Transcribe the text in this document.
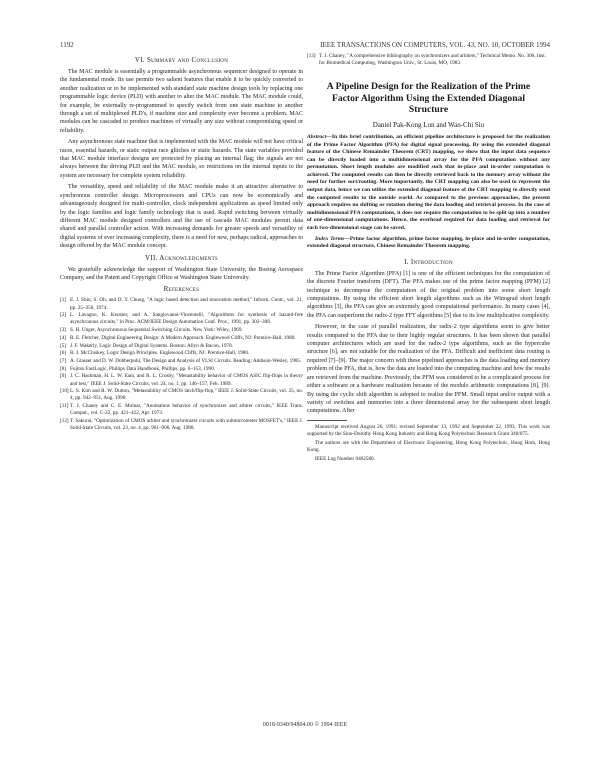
1192	IEEE TRANSACTIONS ON COMPUTERS, VOL. 43, NO. 10, OCTOBER 1994
VI. Summary and Conclusion

The MAC module is essentially a programmable asynchronous sequencer designed to operate in the fundamental mode. Its use permits two salient features that enable it to be quickly converted to another realization or to be implemented with standard state machine design tools by replacing one programmable logic device (PLD) with another to alter the MAC module. The MAC module could, for example, be externally re-programmed to specify switch from one state machine to another through a set of multiplexed PLD's, if machine size and complexity ever become a problem. MAC modules can be cascaded to produce machines of virtually any size without compromising speed or reliability.

Any asynchronous state machine that is implemented with the MAC module will not have critical races, essential hazards, or static output race glitches or static hazards. The state variables provided that MAC module interface designs are protected by placing an internal flag; the signals are not always between the driving PLD and the MAC module, so restrictions on the internal inputs to the system are necessary for complete system reliability.

The versatility, speed and reliability of the MAC module make it an attractive alternative to synchronous controller design. Microprocessors and CPUs can now be economically and advantageously designed for multi-controller, clock independent applications as speed limited only by the logic families and logic family technology that is used. Rapid switching between virtually different MAC module designed controllers and the use of cascade MAC modules permit data shared and parallel controller action. With increasing demands for greater speeds and versatility of digital systems of ever increasing complexity, there is a need for new, perhaps radical, approaches to design offered by the MAC module concept.

VII. Acknowledgments

We gratefully acknowledge the support of Washington State University, the Boeing Aerospace Company, and the Patent and Copyright Office at Washington State University.

References
[1] E. J. Shin, S. Oh, and D. Y. Chung, "A logic based detection and innovation method," Inform. Contr., vol. 21, pp. 25–350, 1974.
[2] L. Lavagno, K. Keutzer, and A. Sangiovanni-Vincentelli, "Algorithms for synthesis of hazard-free asynchronous circuits," in Proc. ACM/IEEE Design Automation Conf. Proc., 1991, pp. 302–308.
[3] S. H. Unger, Asynchronous Sequential Switching Circuits. New York: Wiley, 1969.
[4] R. E. Fletcher, Digital Engineering Design: A Modern Approach. Englewood Cliffs, NJ: Prentice-Hall, 1980.
[5] J. F. Wakerly, Logic Design of Digital Systems. Boston: Allyn & Bacon, 1978.
[6] R. J. McCluskey, Logic Design Principles. Englewood Cliffs, NJ: Prentice-Hall, 1986.
[7] A. Glasser and D. W. Dobberpuhl, The Design and Analysis of VLSI Circuits. Reading: Addison-Wesley, 1985.
[8] Fujitsu FastLogic, Phillips Data Handbook, Phillips, pp. 6–153, 1990.
[9] J. C. Hackman, H. L. W. Eam, and R. L. Crosby, "Metastability behavior of CMOS ASIC flip-flops in theory and test," IEEE J. Solid-State Circuits, vol. 24, no. 1, pp. 146–157, Feb. 1989.
[10] L. S. Kim and R. W. Dutton, "Metastability of CMOS latch/flip-flop," IEEE J. Solid-State Circuits, vol. 25, no. 4, pp. 942–951, Aug. 1990.
[11] T. J. Chaney and C. E. Molnar, "Anomalous behavior of synchronizer and arbiter circuits," IEEE Trans. Comput., vol. C-22, pp. 421–422, Apr. 1973.
[12] T. Sakurai, "Optimization of CMOS arbiter and synchronizer circuits with submicrometer MOSFET's," IEEE J. Solid-State Circuits, vol. 23, no. 4, pp. 901–906, Aug. 1988.
[13] T. J. Chaney, "A comprehensive bibliography on synchronizers and arbiters," Technical Memo. No. 306, Inst. for Biomedical Computing, Washington Univ., St. Louis, MO, 1983.
A Pipeline Design for the Realization of the Prime Factor Algorithm Using the Extended Diagonal Structure
Daniel Pak-Kong Lun and Wan-Chi Siu
Abstract—In this brief contribution, an efficient pipeline architecture is proposed for the realization of the Prime Factor Algorithm (PFA) for digital signal processing. By using the extended diagonal feature of the Chinese Remainder Theorem (CRT) mapping, we show that the input data sequence can be directly loaded into a multidimensional array for the PFA computation without any permutation. Short length modules are modified such that in-place and in-order computation is achieved. The computed results can then be directly retrieved back to the memory array without the need for further sort/routing. More importantly, the CRT mapping can also be used to represent the output data, hence we can utilize the extended diagonal feature of the CRT mapping to directly send the computed results to the outside world. As compared to the previous approaches, the present approach requires no shifting or rotation during the data loading and retrieval process. In the case of multidimensional PFA computations, it does not require the computation to be split up into a number of one-dimensional computations. Hence, the overhead required for data loading and retrieval for each two-dimensional stage can be saved.
Index Terms—Prime factor algorithm, prime factor mapping, in-place and in-order computation, extended diagonal structure, Chinese Remainder Theorem mapping.
I. Introduction

The Prime Factor Algorithm (PFA) [1] is one of the efficient techniques for the computation of the discrete Fourier transform (DFT). The PFA makes use of the prime factor mapping (PFM) [2] technique to decompose the computation of the original problem into some short length computations. By using the efficient short length algorithms such as the Winograd short length algorithms [3], the PFA can give an extremely good computational performance. In many cases [4], the PFA can outperform the radix-2 type FFT algorithms [5] due to its low multiplicative complexity.

However, in the case of parallel realization, the radix-2 type algorithms seem to give better results compared to the PFA due to their highly regular structures. It has been shown that parallel computer architectures which are used for the radix-2 type algorithms, such as the hypercube structure [6], are not suitable for the realization of the PFA. Difficult and inefficient data routing is required [7]–[9]. The major concern with these pipelined approaches is the data loading and memory problem of the PFA, that is, how the data are loaded into the computing machine and how the results are retrieved from the machine. Previously, the PFM was considered to be a complicated process for either a software or a hardware realization because of the modulo arithmetic computations [8], [9]. By using the cyclic shift algorithm is adopted to realize the PFM. Small input and/or output with a variety of switches and memories into a three dimensional array for the subsequent short length computations. After

Manuscript received August 26, 1991; revised September 13, 1992 and September 22, 1993. This work was supported by the Sino-Dorothy Hong Kong Industry and Hong Kong Polytechnic Research Grant 340/075.

The authors are with the Department of Electronic Engineering, Hong Kong Polytechnic, Hung Hom, Hong Kong.

IEEE Log Number 9402580.

0018-9340/94$04.00 © 1994 IEEE
